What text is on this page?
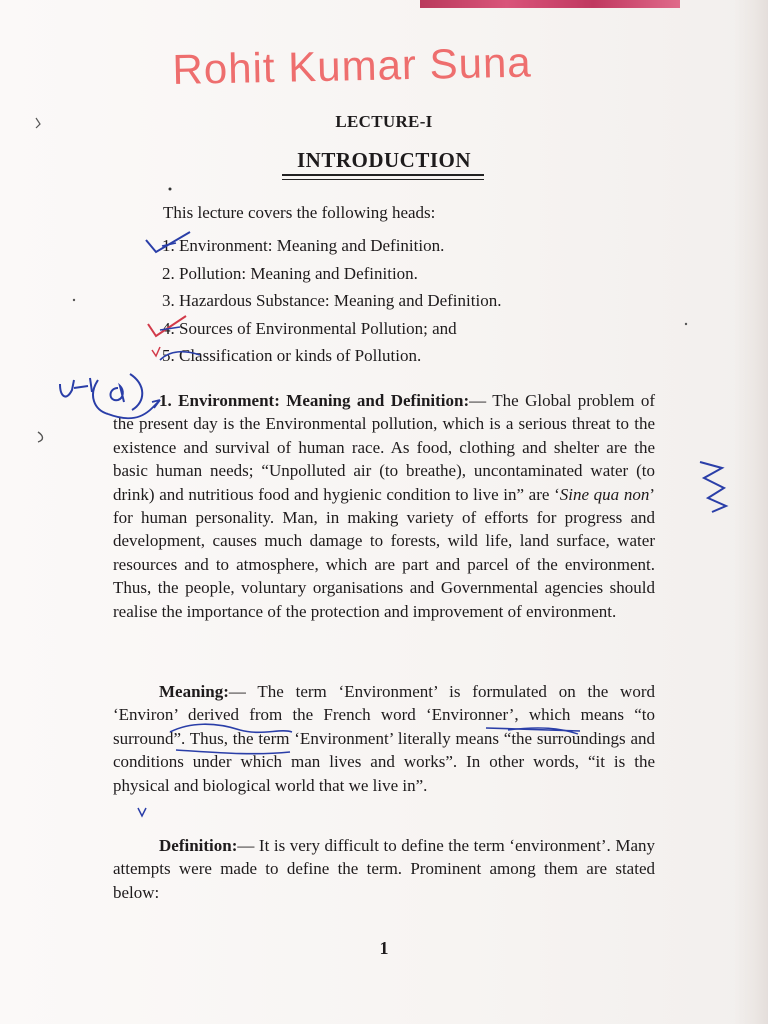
Rohit Kumar Suna
LECTURE-I
INTRODUCTION
This lecture covers the following heads:
1. Environment: Meaning and Definition.
2. Pollution: Meaning and Definition.
3. Hazardous Substance: Meaning and Definition.
4. Sources of Environmental Pollution; and
5. Classification or kinds of Pollution.

1. Environment: Meaning and Definition:— The Global problem of the present day is the Environmental pollution, which is a serious threat to the existence and survival of human race. As food, clothing and shelter are the basic human needs; “Unpolluted air (to breathe), uncontaminated water (to drink) and nutritious food and hygienic condition to live in” are ‘Sine qua non’ for human personality. Man, in making variety of efforts for progress and development, causes much damage to forests, wild life, land surface, water resources and to atmosphere, which are part and parcel of the environment. Thus, the people, voluntary organisations and Governmental agencies should realise the importance of the protection and improvement of environment.

Meaning:— The term ‘Environment’ is formulated on the word ‘Environ’ derived from the French word ‘Environner’, which means “to surround”. Thus, the term ‘Environment’ literally means “the surroundings and conditions under which man lives and works”. In other words, “it is the physical and biological world that we live in”.

Definition:— It is very difficult to define the term ‘environment’. Many attempts were made to define the term. Prominent among them are stated below:

1
